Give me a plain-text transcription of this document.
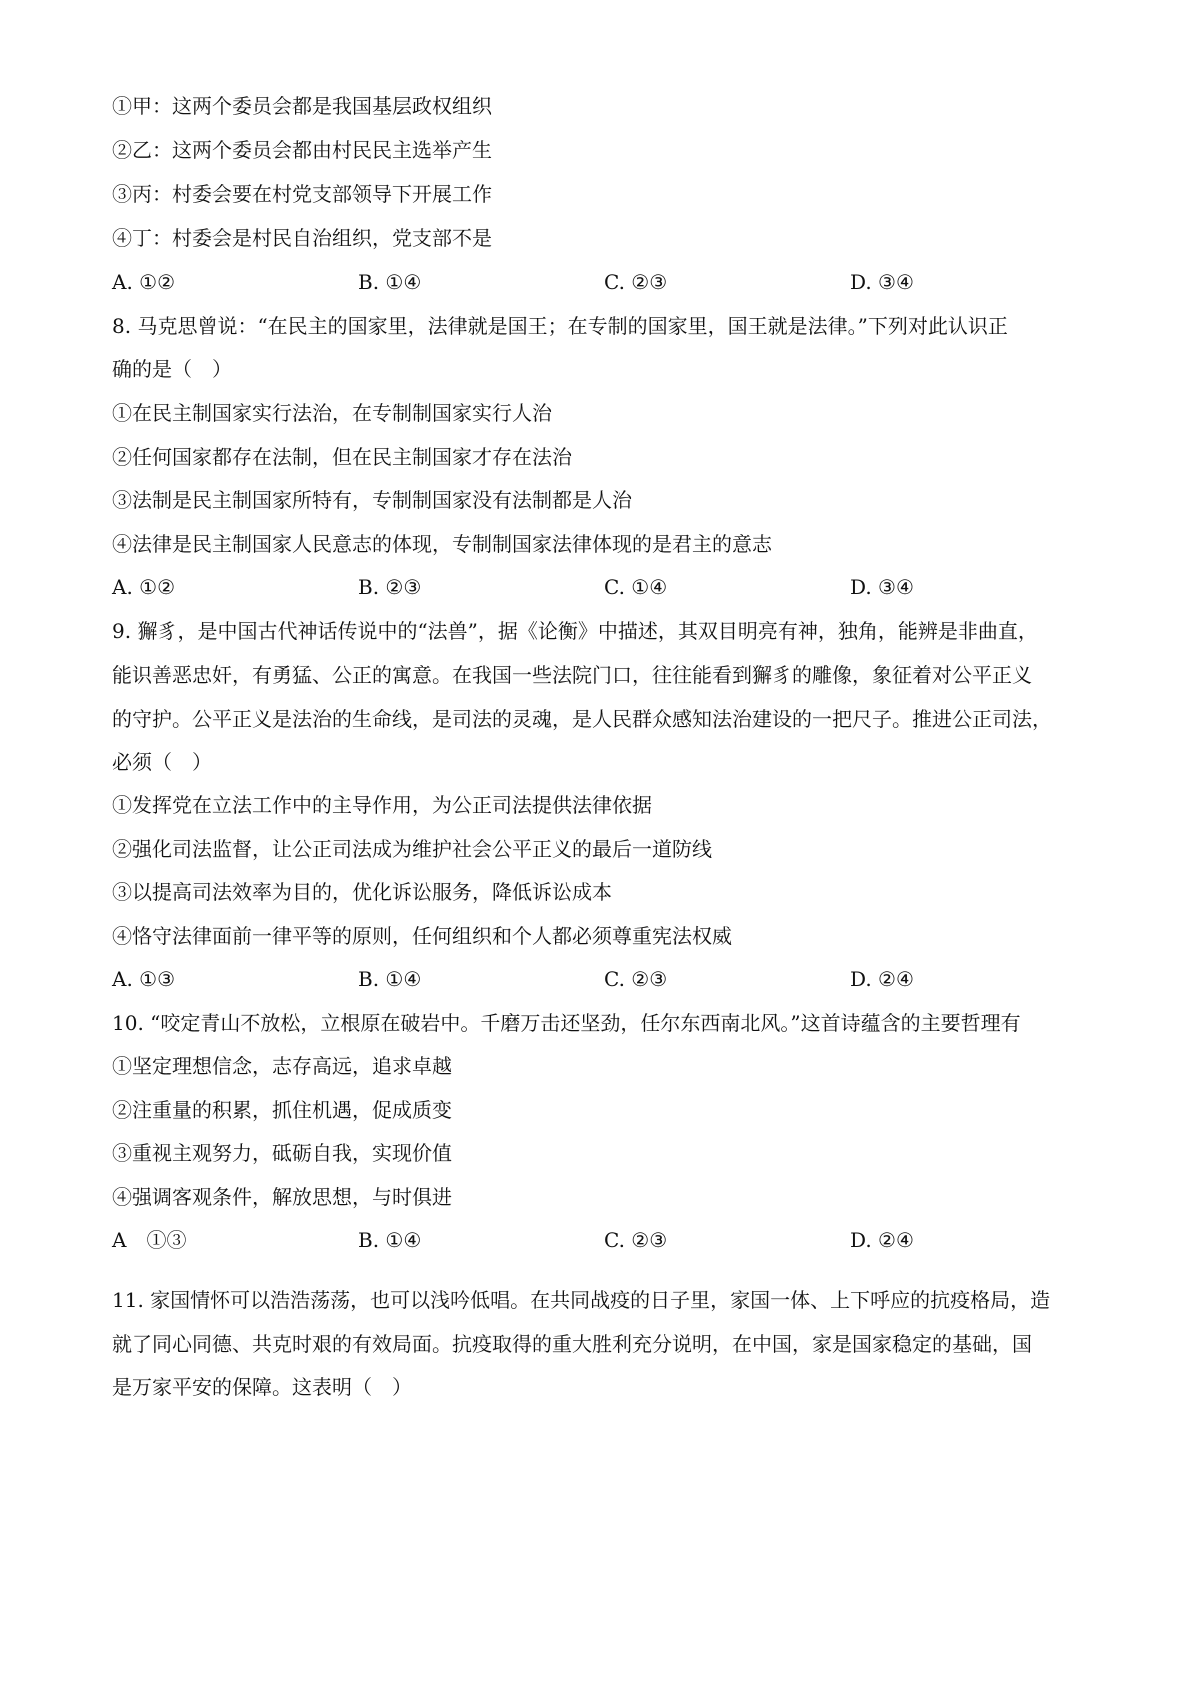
①甲：这两个委员会都是我国基层政权组织
②乙：这两个委员会都由村民民主选举产生
③丙：村委会要在村党支部领导下开展工作
④丁：村委会是村民自治组织，党支部不是
A. ①②	B. ①④	C. ②③	D. ③④
8. 马克思曾说：“在民主的国家里，法律就是国王；在专制的国家里，国王就是法律。”下列对此认识正
确的是（　）
①在民主制国家实行法治，在专制制国家实行人治
②任何国家都存在法制，但在民主制国家才存在法治
③法制是民主制国家所特有，专制制国家没有法制都是人治
④法律是民主制国家人民意志的体现，专制制国家法律体现的是君主的意志
A. ①②	B. ②③	C. ①④	D. ③④
9. 獬豸，是中国古代神话传说中的“法兽”，据《论衡》中描述，其双目明亮有神，独角，能辨是非曲直，
能识善恶忠奸，有勇猛、公正的寓意。在我国一些法院门口，往往能看到獬豸的雕像，象征着对公平正义
的守护。公平正义是法治的生命线，是司法的灵魂，是人民群众感知法治建设的一把尺子。推进公正司法，
必须（　）
①发挥党在立法工作中的主导作用，为公正司法提供法律依据
②强化司法监督，让公正司法成为维护社会公平正义的最后一道防线
③以提高司法效率为目的，优化诉讼服务，降低诉讼成本
④恪守法律面前一律平等的原则，任何组织和个人都必须尊重宪法权威
A. ①③	B. ①④	C. ②③	D. ②④
10. “咬定青山不放松，立根原在破岩中。千磨万击还坚劲，任尔东西南北风。”这首诗蕴含的主要哲理有
①坚定理想信念，志存高远，追求卓越
②注重量的积累，抓住机遇，促成质变
③重视主观努力，砥砺自我，实现价值
④强调客观条件，解放思想，与时俱进
A　①③	B. ①④	C. ②③	D. ②④
11. 家国情怀可以浩浩荡荡，也可以浅吟低唱。在共同战疫的日子里，家国一体、上下呼应的抗疫格局，造
就了同心同德、共克时艰的有效局面。抗疫取得的重大胜利充分说明，在中国，家是国家稳定的基础，国
是万家平安的保障。这表明（　）
